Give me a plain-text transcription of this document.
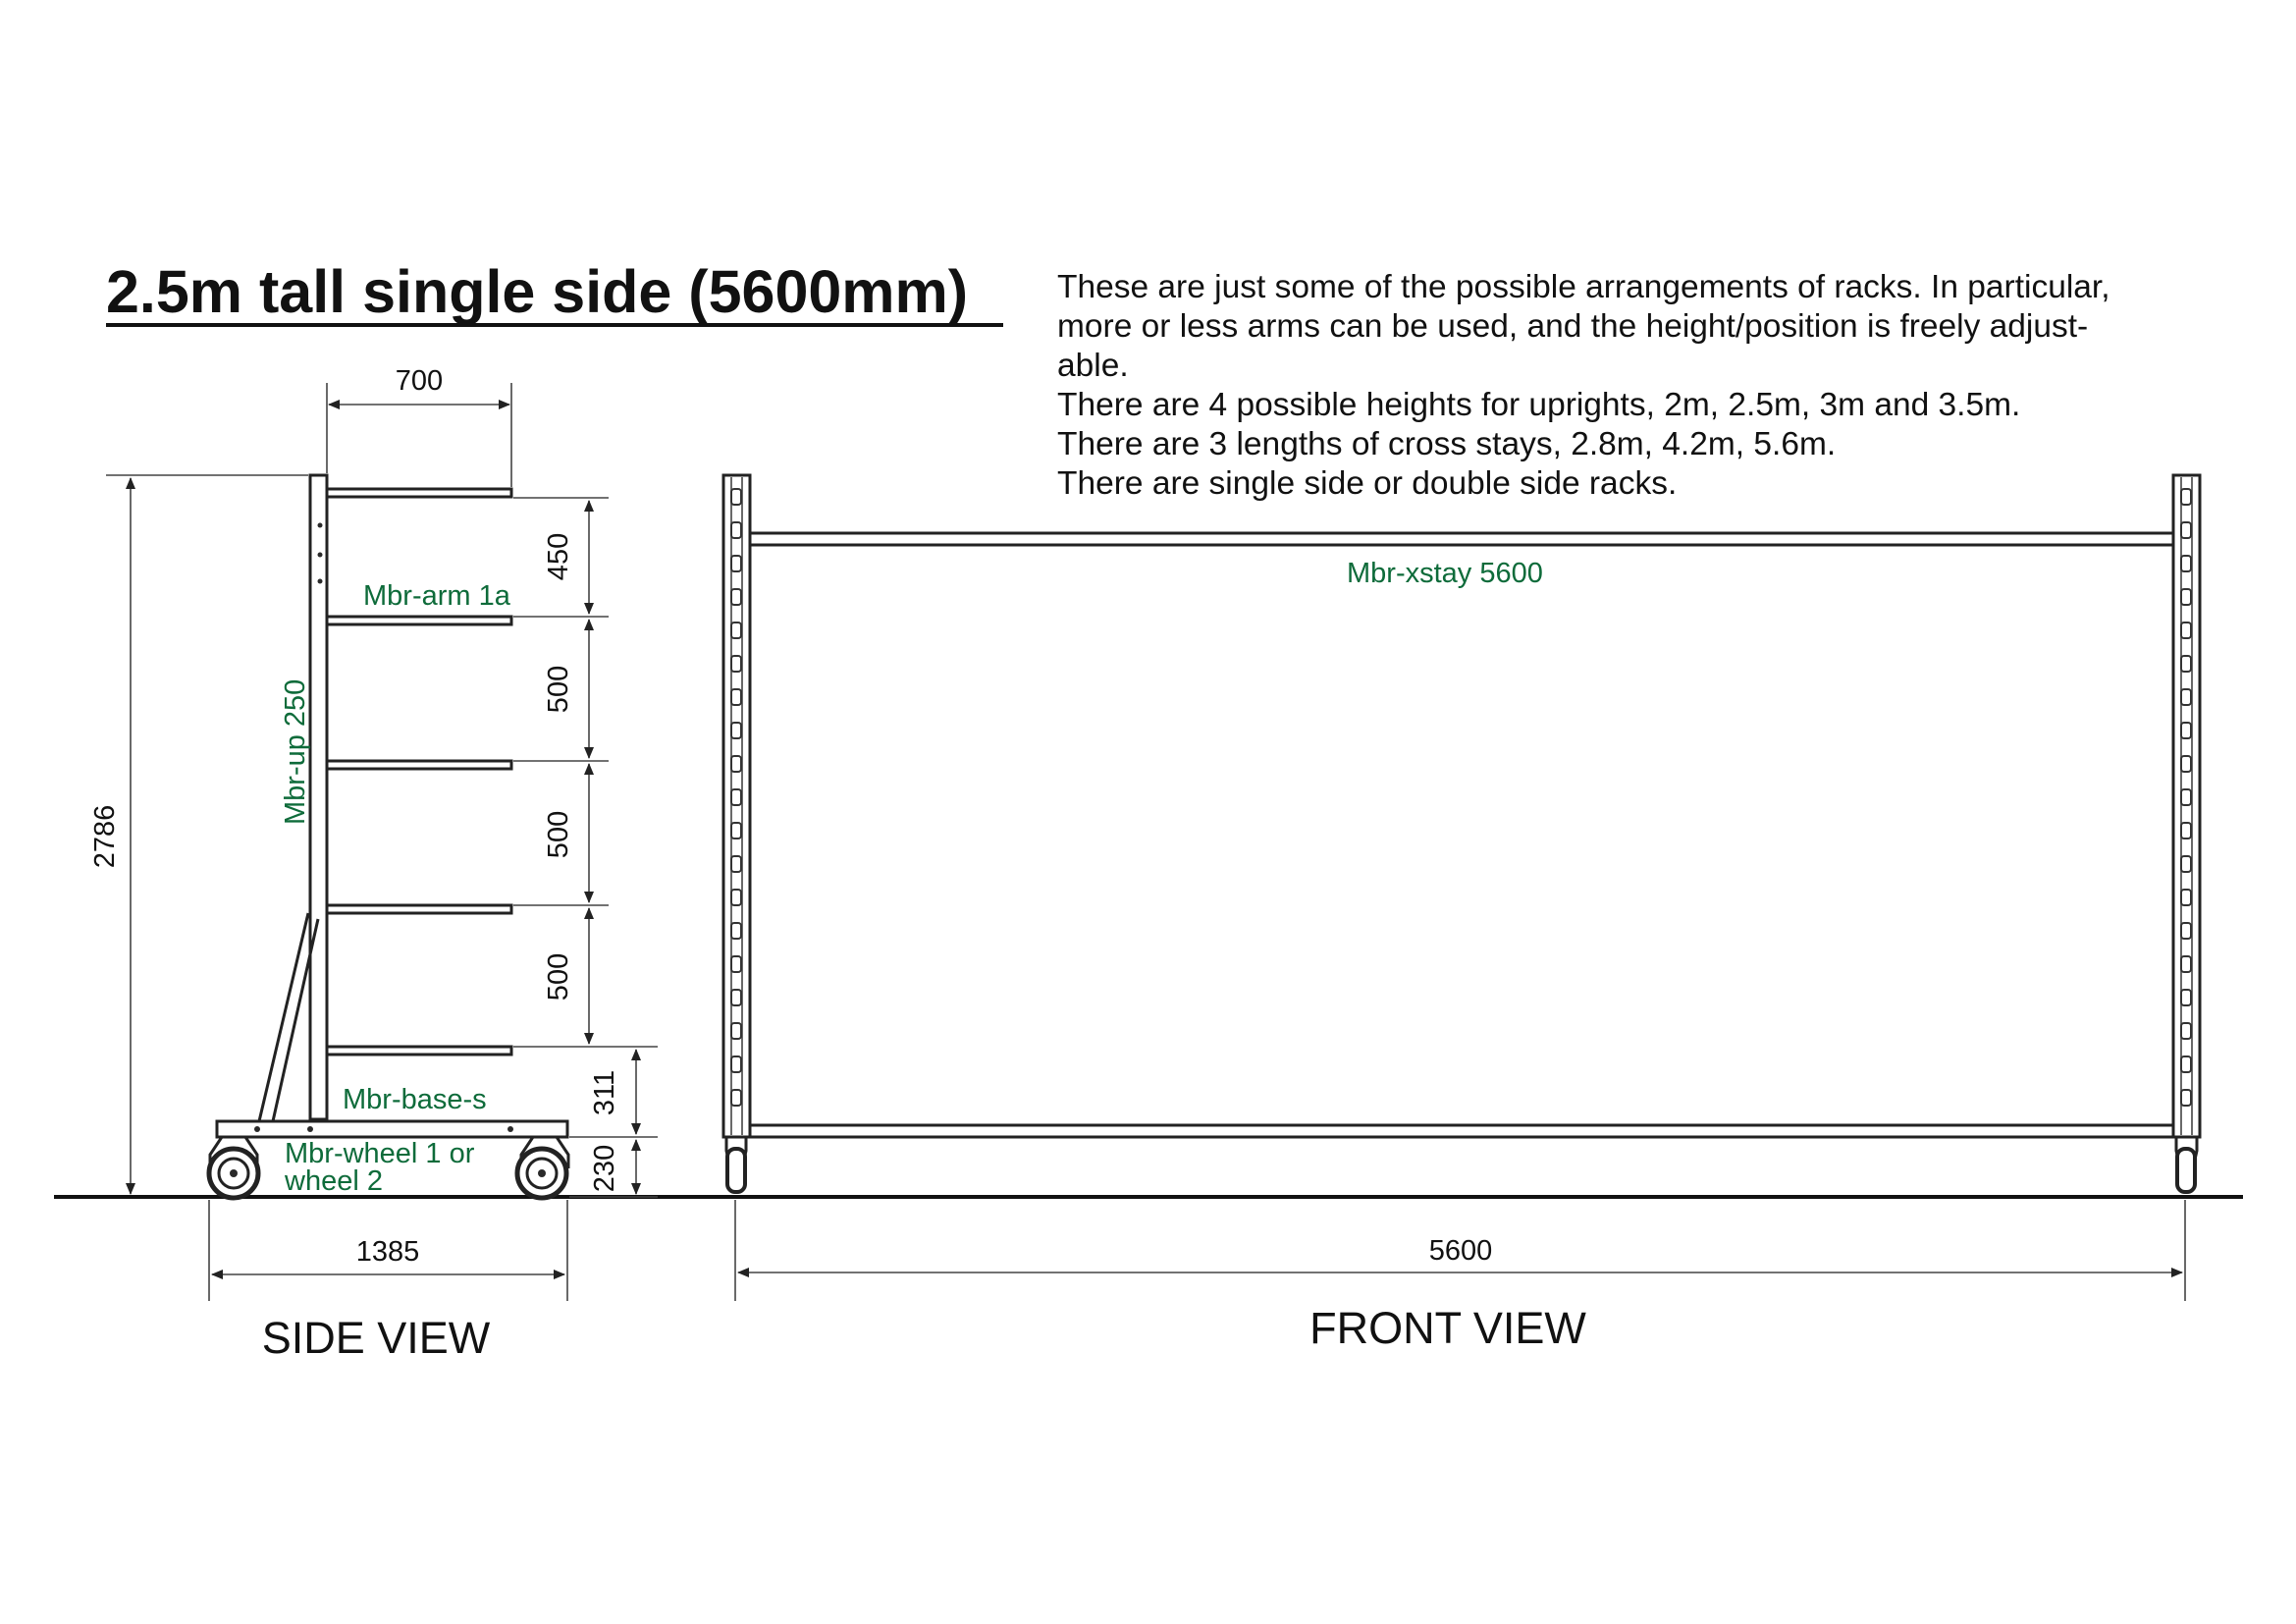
2.5m tall single side (5600mm)	These are just some of the possible arrangements of racks. In particular,
more or less arms can be used, and the height/position is freely adjust-
able.
There are 4 possible heights for uprights, 2m, 2.5m, 3m and 3.5m.
There are 3 lengths of cross stays, 2.8m, 4.2m, 5.6m.
There are single side or double side racks.
700
2786
450
500
500
500
311
230
1385
Mbr-arm 1a
Mbr-up 250
Mbr-base-s
Mbr-wheel 1 or
wheel 2
SIDE VIEW
5600
Mbr-xstay 5600
FRONT VIEW
